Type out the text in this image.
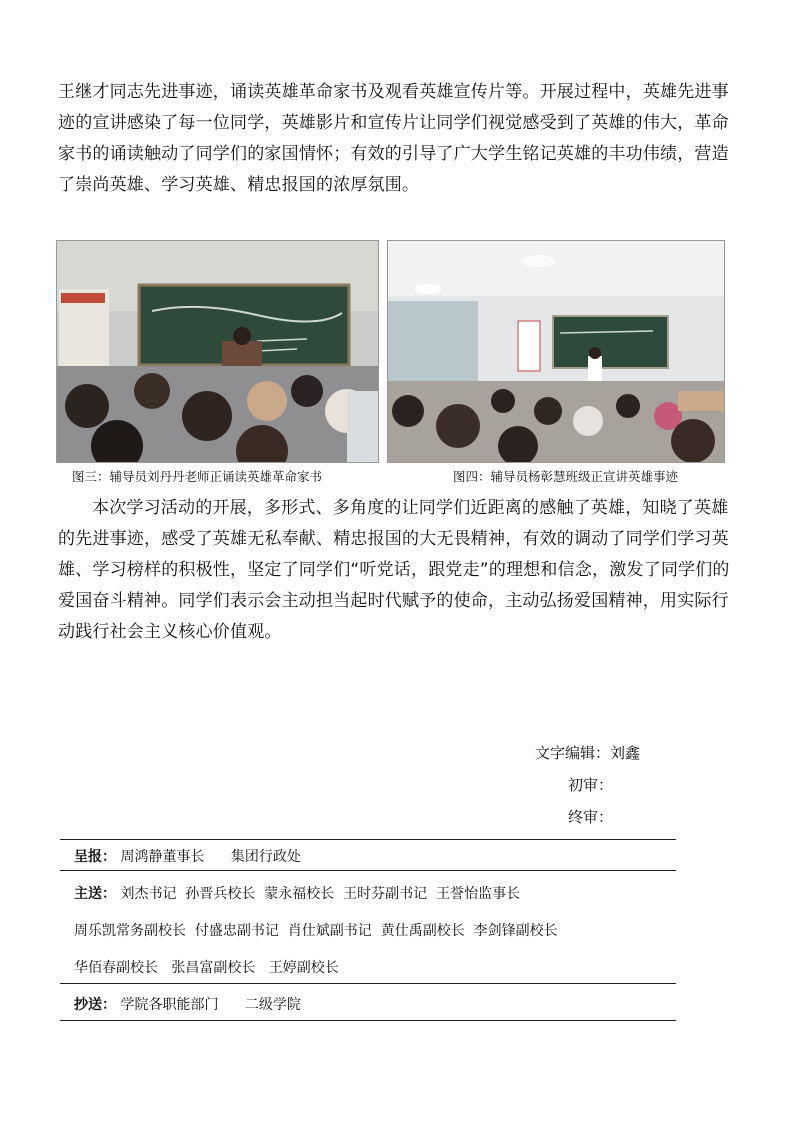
王继才同志先进事迹，诵读英雄革命家书及观看英雄宣传片等。开展过程中，英雄先进事迹的宣讲感染了每一位同学，英雄影片和宣传片让同学们视觉感受到了英雄的伟大，革命家书的诵读触动了同学们的家国情怀；有效的引导了广大学生铭记英雄的丰功伟绩，营造了崇尚英雄、学习英雄、精忠报国的浓厚氛围。

图三：辅导员刘丹丹老师正诵读英雄革命家书	图四：辅导员杨彰慧班级正宣讲英雄事迹

本次学习活动的开展，多形式、多角度的让同学们近距离的感触了英雄，知晓了英雄的先进事迹，感受了英雄无私奉献、精忠报国的大无畏精神，有效的调动了同学们学习英雄、学习榜样的积极性，坚定了同学们“听党话，跟党走”的理想和信念，激发了同学们的爱国奋斗精神。同学们表示会主动担当起时代赋予的使命，主动弘扬爱国精神，用实际行动践行社会主义核心价值观。

文字编辑：刘鑫
初审：
终审：
呈报： 周鸿静董事长 集团行政处
主送： 刘杰书记 孙晋兵校长 蒙永福校长 王时芬副书记 王誉怡监事长
周乐凯常务副校长 付盛忠副书记 肖仕斌副书记 黄仕禹副校长 李剑锋副校长
华佰春副校长 张昌富副校长 王婷副校长
抄送： 学院各职能部门 二级学院
